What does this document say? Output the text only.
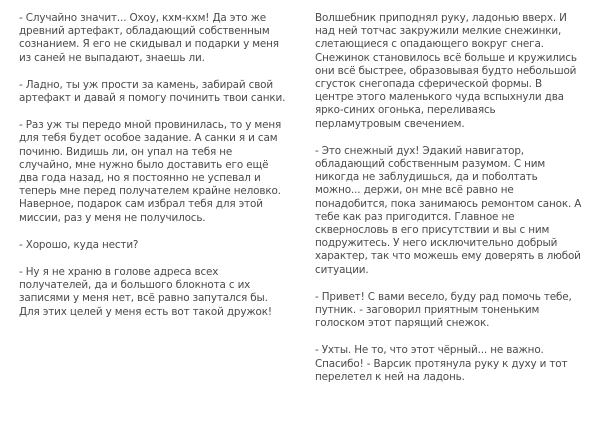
- Случайно значит... Охоу, кхм-кхм! Да это же древний артефакт, обладающий собственным сознанием. Я его не скидывал и подарки у меня из саней не выпадают, знаешь ли.

- Ладно, ты уж прости за камень, забирай свой артефакт и давай я помогу починить твои санки.

- Раз уж ты передо мной провинилась, то у меня для тебя будет особое задание. А санки я и сам починю. Видишь ли, он упал на тебя не случайно, мне нужно было доставить его ещё два года назад, но я постоянно не успевал и теперь мне перед получателем крайне неловко. Наверное, подарок сам избрал тебя для этой миссии, раз у меня не получилось.

- Хорошо, куда нести?

- Ну я не храню в голове адреса всех получателей, да и большого блокнота с их записями у меня нет, всё равно запутался бы. Для этих целей у меня есть вот такой дружок!

Волшебник приподнял руку, ладонью вверх. И над ней тотчас закружили мелкие снежинки, слетающиеся с опадающего вокруг снега. Снежинок становилось всё больше и кружились они всё быстрее, образовывая будто небольшой сгусток снегопада сферической формы. В центре этого маленького чуда вспыхнули два ярко-синих огонька, переливаясь перламутровым свечением.

- Это снежный дух! Эдакий навигатор, обладающий собственным разумом. С ним никогда не заблудишься, да и поболтать можно... держи, он мне всё равно не понадобится, пока занимаюсь ремонтом санок. А тебе как раз пригодится. Главное не сквернословь в его присутствии и вы с ним подружитесь. У него исключительно добрый характер, так что можешь ему доверять в любой ситуации.

- Привет! С вами весело, буду рад помочь тебе, путник. - заговорил приятным тоненьким голоском этот парящий снежок.

- Ухты. Не то, что этот чёрный... не важно. Спасибо! - Варсик протянула руку к духу и тот перелетел к ней на ладонь.
